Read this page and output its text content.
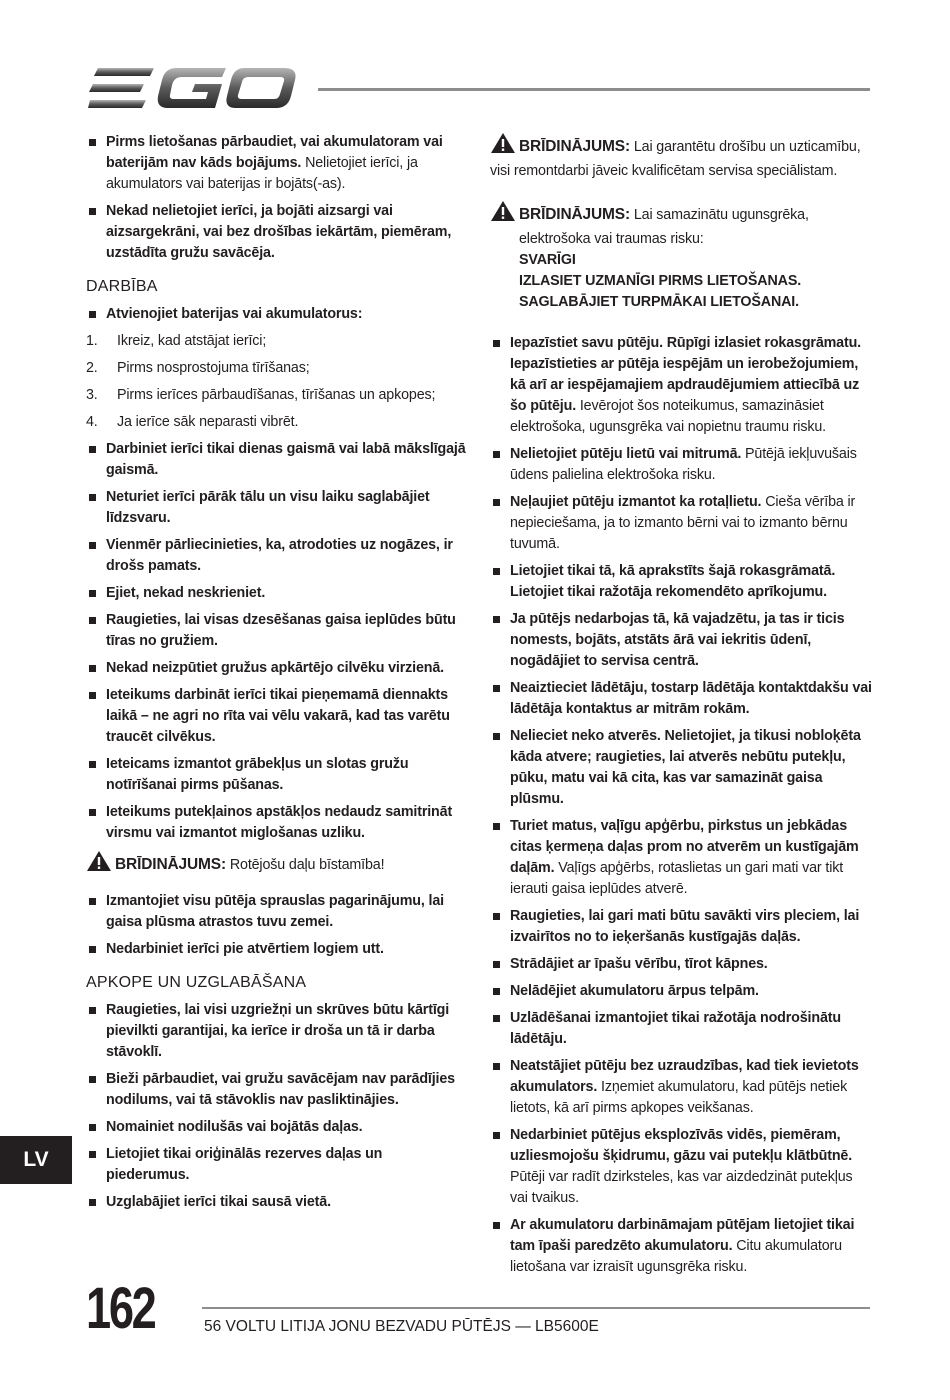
Pirms lietošanas pārbaudiet, vai akumulatoram vai baterijām nav kāds bojājums. Nelietojiet ierīci, ja akumulators vai baterijas ir bojāts(-as).
Nekad nelietojiet ierīci, ja bojāti aizsargi vai aizsargekrāni, vai bez drošības iekārtām, piemēram, uzstādīta gružu savācēja.
DARBĪBA
Atvienojiet baterijas vai akumulatorus:
1. Ikreiz, kad atstājat ierīci;
2. Pirms nosprostojuma tīrīšanas;
3. Pirms ierīces pārbaudīšanas, tīrīšanas un apkopes;
4. Ja ierīce sāk neparasti vibrēt.
Darbiniet ierīci tikai dienas gaismā vai labā mākslīgajā gaismā.
Neturiet ierīci pārāk tālu un visu laiku saglabājiet līdzsvaru.
Vienmēr pārliecinieties, ka, atrodoties uz nogāzes, ir drošs pamats.
Ejiet, nekad neskrieniet.
Raugieties, lai visas dzesēšanas gaisa ieplūdes būtu tīras no gružiem.
Nekad neizpūtiet gružus apkārtējo cilvēku virzienā.
Ieteikums darbināt ierīci tikai pieņemamā diennakts laikā – ne agri no rīta vai vēlu vakarā, kad tas varētu traucēt cilvēkus.
Ieteicams izmantot grābekļus un slotas gružu notīrīšanai pirms pūšanas.
Ieteikums putekļainos apstākļos nedaudz samitrināt virsmu vai izmantot miglošanas uzliku.
BRĪDINĀJUMS: Rotējošu daļu bīstamība!
Izmantojiet visu pūtēja sprauslas pagarinājumu, lai gaisa plūsma atrastos tuvu zemei.
Nedarbiniet ierīci pie atvērtiem logiem utt.
APKOPE UN UZGLABĀŠANA
Raugieties, lai visi uzgriežņi un skrūves būtu kārtīgi pievilkti garantijai, ka ierīce ir droša un tā ir darba stāvoklī.
Bieži pārbaudiet, vai gružu savācējam nav parādījies nodilums, vai tā stāvoklis nav pasliktinājies.
Nomainiet nodilušās vai bojātās daļas.
Lietojiet tikai oriģinālās rezerves daļas un piederumus.
Uzglabājiet ierīci tikai sausā vietā.
BRĪDINĀJUMS: Lai garantētu drošību un uzticamību, visi remontdarbi jāveic kvalificētam servisa speciālistam.
BRĪDINĀJUMS: Lai samazinātu ugunsgrēka,
elektrošoka vai traumas risku:
SVARĪGI
IZLASIET UZMANĪGI PIRMS LIETOŠANAS.
SAGLABĀJIET TURPMĀKAI LIETOŠANAI.
Iepazīstiet savu pūtēju. Rūpīgi izlasiet rokasgrāmatu. Iepazīstieties ar pūtēja iespējām un ierobežojumiem, kā arī ar iespējamajiem apdraudējumiem attiecībā uz šo pūtēju. Ievērojot šos noteikumus, samazināsiet elektrošoka, ugunsgrēka vai nopietnu traumu risku.
Nelietojiet pūtēju lietū vai mitrumā. Pūtējā iekļuvušais ūdens palielina elektrošoka risku.
Neļaujiet pūtēju izmantot ka rotaļlietu. Cieša vērība ir nepieciešama, ja to izmanto bērni vai to izmanto bērnu tuvumā.
Lietojiet tikai tā, kā aprakstīts šajā rokasgrāmatā. Lietojiet tikai ražotāja rekomendēto aprīkojumu.
Ja pūtējs nedarbojas tā, kā vajadzētu, ja tas ir ticis nomests, bojāts, atstāts ārā vai iekritis ūdenī, nogādājiet to servisa centrā.
Neaiztieciet lādētāju, tostarp lādētāja kontaktdakšu vai lādētāja kontaktus ar mitrām rokām.
Nelieciet neko atverēs. Nelietojiet, ja tikusi nobloķēta kāda atvere; raugieties, lai atverēs nebūtu putekļu, pūku, matu vai kā cita, kas var samazināt gaisa plūsmu.
Turiet matus, vaļīgu apģērbu, pirkstus un jebkādas citas ķermeņa daļas prom no atverēm un kustīgajām daļām. Vaļīgs apģērbs, rotaslietas un gari mati var tikt ierauti gaisa ieplūdes atverē.
Raugieties, lai gari mati būtu savākti virs pleciem, lai izvairītos no to ieķeršanās kustīgajās daļās.
Strādājiet ar īpašu vērību, tīrot kāpnes.
Nelādējiet akumulatoru ārpus telpām.
Uzlādēšanai izmantojiet tikai ražotāja nodrošinātu lādētāju.
Neatstājiet pūtēju bez uzraudzības, kad tiek ievietots akumulators. Izņemiet akumulatoru, kad pūtējs netiek lietots, kā arī pirms apkopes veikšanas.
Nedarbiniet pūtējus eksplozīvās vidēs, piemēram, uzliesmojošu šķidrumu, gāzu vai putekļu klātbūtnē. Pūtēji var radīt dzirksteles, kas var aizdedzināt putekļus vai tvaikus.
Ar akumulatoru darbināmajam pūtējam lietojiet tikai tam īpaši paredzēto akumulatoru. Citu akumulatoru lietošana var izraisīt ugunsgrēka risku.
LV
162	56 VOLTU LITIJA JONU BEZVADU PŪTĒJS — LB5600E
